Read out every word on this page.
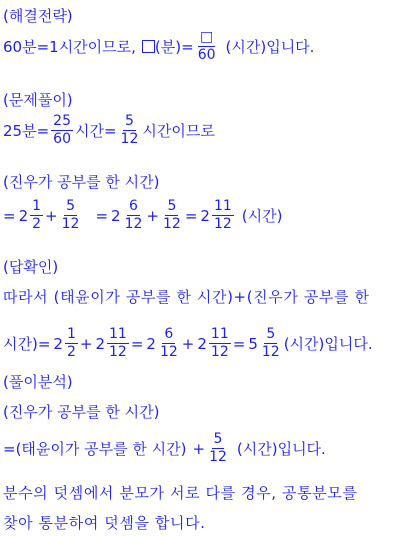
(해결전략)
60분=1시간이므로, (분)= $\frac{□}{60}$ (시간)입니다.
(문제풀이)
25분= $\frac{25}{60}$ 시간= $\frac{5}{12}$ 시간이므로
(진우가 공부를 한 시간)
= $2 \frac{1}{2} + \frac{5}{12} = 2 \frac{6}{12} + \frac{5}{12} = 2 \frac{11}{12}$ (시간)
(답확인)
따라서 (태윤이가 공부를 한 시간)+(진우가 공부를 한
시간)= $2 \frac{1}{2} + 2 \frac{11}{12} = 2 \frac{6}{12} + 2 \frac{11}{12} = 5 \frac{5}{12}$ (시간)입니다.
(풀이분석)
(진우가 공부를 한 시간)
=(태윤이가 공부를 한 시간) + $\frac{5}{12}$ (시간)입니다.
분수의 덧셈에서 분모가 서로 다를 경우, 공통분모를
찾아 통분하여 덧셈을 합니다.
